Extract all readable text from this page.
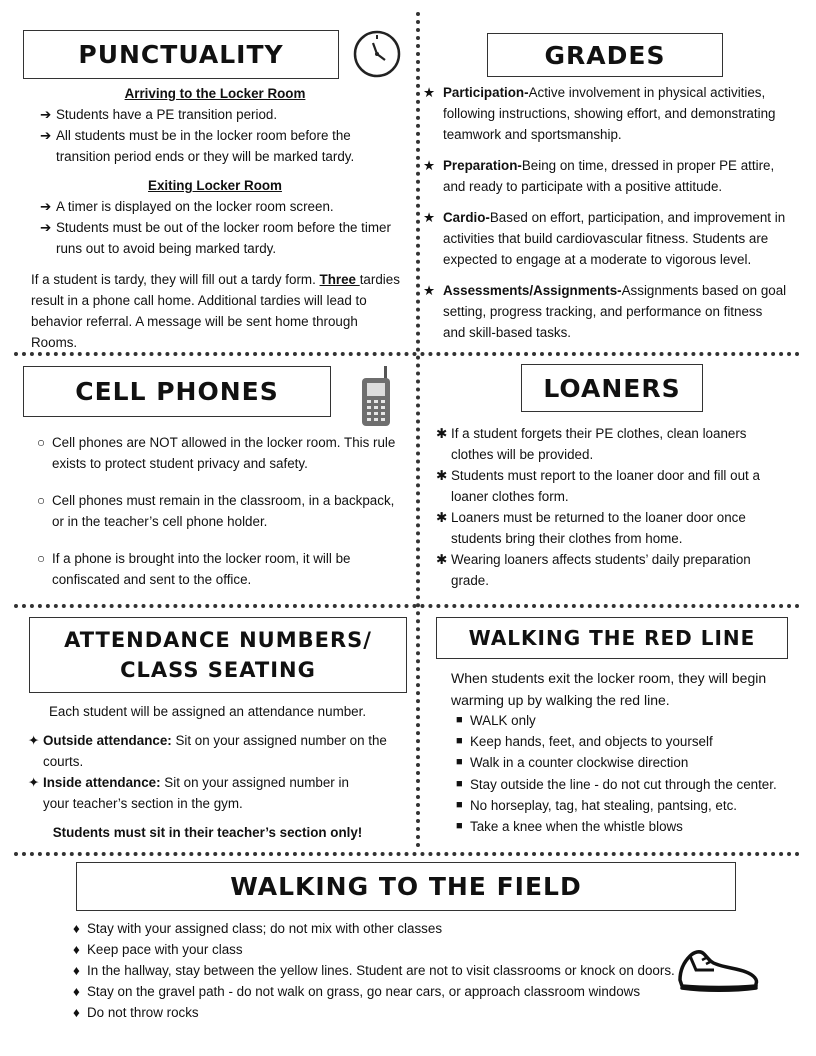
PUNCTUALITY
Arriving to the Locker Room
➔ Students have a PE transition period.
➔ All students must be in the locker room before the transition period ends or they will be marked tardy.
Exiting Locker Room
➔ A timer is displayed on the locker room screen.
➔ Students must be out of the locker room before the timer runs out to avoid being marked tardy.
If a student is tardy, they will fill out a tardy form. Three tardies result in a phone call home. Additional tardies will lead to behavior referral. A message will be sent home through Rooms.
GRADES
★ Participation-Active involvement in physical activities, following instructions, showing effort, and demonstrating teamwork and sportsmanship.
★ Preparation-Being on time, dressed in proper PE attire, and ready to participate with a positive attitude.
★ Cardio-Based on effort, participation, and improvement in activities that build cardiovascular fitness. Students are expected to engage at a moderate to vigorous level.
★ Assessments/Assignments-Assignments based on goal setting, progress tracking, and performance on fitness and skill-based tasks.
CELL PHONES
○ Cell phones are NOT allowed in the locker room. This rule exists to protect student privacy and safety.
○ Cell phones must remain in the classroom, in a backpack, or in the teacher’s cell phone holder.
○ If a phone is brought into the locker room, it will be confiscated and sent to the office.
LOANERS
✱ If a student forgets their PE clothes, clean loaners clothes will be provided.
✱ Students must report to the loaner door and fill out a loaner clothes form.
✱ Loaners must be returned to the loaner door once students bring their clothes from home.
✱ Wearing loaners affects students’ daily preparation grade.
ATTENDANCE NUMBERS/
CLASS SEATING
Each student will be assigned an attendance number.
✦ Outside attendance: Sit on your assigned number on the courts.
✦ Inside attendance: Sit on your assigned number in your teacher’s section in the gym.
Students must sit in their teacher’s section only!
WALKING THE RED LINE
When students exit the locker room, they will begin warming up by walking the red line.
■ WALK only
■ Keep hands, feet, and objects to yourself
■ Walk in a counter clockwise direction
■ Stay outside the line - do not cut through the center.
■ No horseplay, tag, hat stealing, pantsing, etc.
■ Take a knee when the whistle blows
WALKING TO THE FIELD
♦ Stay with your assigned class; do not mix with other classes
♦ Keep pace with your class
♦ In the hallway, stay between the yellow lines. Student are not to visit classrooms or knock on doors.
♦ Stay on the gravel path - do not walk on grass, go near cars, or approach classroom windows
♦ Do not throw rocks
